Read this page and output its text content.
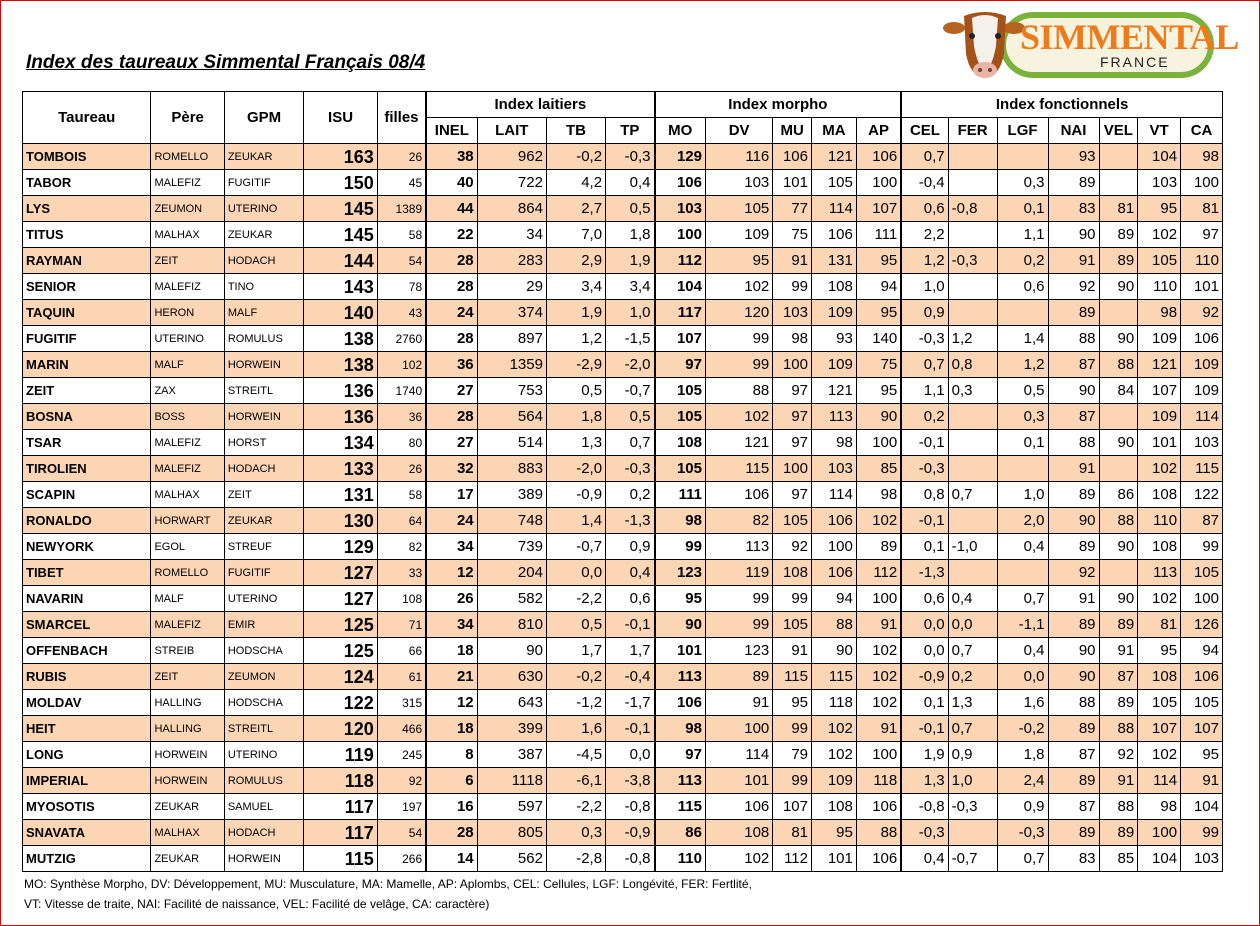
Index des taureaux Simmental Français 08/4
SIMMENTAL
FRANCE
Taureau	Père	GPM	ISU	filles	Index laitiers				Index morpho					Index fonctionnels						
					INEL	LAIT	TB	TP	MO	DV	MU	MA	AP	CEL	FER	LGF	NAI	VEL	VT	CA
TOMBOIS	ROMELLO	ZEUKAR	163	26	38	962	-0,2	-0,3	129	116	106	121	106	0,7			93		104	98
TABOR	MALEFIZ	FUGITIF	150	45	40	722	4,2	0,4	106	103	101	105	100	-0,4		0,3	89		103	100
LYS	ZEUMON	UTERINO	145	1389	44	864	2,7	0,5	103	105	77	114	107	0,6	-0,8	0,1	83	81	95	81
TITUS	MALHAX	ZEUKAR	145	58	22	34	7,0	1,8	100	109	75	106	111	2,2		1,1	90	89	102	97
RAYMAN	ZEIT	HODACH	144	54	28	283	2,9	1,9	112	95	91	131	95	1,2	-0,3	0,2	91	89	105	110
SENIOR	MALEFIZ	TINO	143	78	28	29	3,4	3,4	104	102	99	108	94	1,0		0,6	92	90	110	101
TAQUIN	HERON	MALF	140	43	24	374	1,9	1,0	117	120	103	109	95	0,9			89		98	92
FUGITIF	UTERINO	ROMULUS	138	2760	28	897	1,2	-1,5	107	99	98	93	140	-0,3	1,2	1,4	88	90	109	106
MARIN	MALF	HORWEIN	138	102	36	1359	-2,9	-2,0	97	99	100	109	75	0,7	0,8	1,2	87	88	121	109
ZEIT	ZAX	STREITL	136	1740	27	753	0,5	-0,7	105	88	97	121	95	1,1	0,3	0,5	90	84	107	109
BOSNA	BOSS	HORWEIN	136	36	28	564	1,8	0,5	105	102	97	113	90	0,2		0,3	87		109	114
TSAR	MALEFIZ	HORST	134	80	27	514	1,3	0,7	108	121	97	98	100	-0,1		0,1	88	90	101	103
TIROLIEN	MALEFIZ	HODACH	133	26	32	883	-2,0	-0,3	105	115	100	103	85	-0,3			91		102	115
SCAPIN	MALHAX	ZEIT	131	58	17	389	-0,9	0,2	111	106	97	114	98	0,8	0,7	1,0	89	86	108	122
RONALDO	HORWART	ZEUKAR	130	64	24	748	1,4	-1,3	98	82	105	106	102	-0,1		2,0	90	88	110	87
NEWYORK	EGOL	STREUF	129	82	34	739	-0,7	0,9	99	113	92	100	89	0,1	-1,0	0,4	89	90	108	99
TIBET	ROMELLO	FUGITIF	127	33	12	204	0,0	0,4	123	119	108	106	112	-1,3			92		113	105
NAVARIN	MALF	UTERINO	127	108	26	582	-2,2	0,6	95	99	99	94	100	0,6	0,4	0,7	91	90	102	100
SMARCEL	MALEFIZ	EMIR	125	71	34	810	0,5	-0,1	90	99	105	88	91	0,0	0,0	-1,1	89	89	81	126
OFFENBACH	STREIB	HODSCHA	125	66	18	90	1,7	1,7	101	123	91	90	102	0,0	0,7	0,4	90	91	95	94
RUBIS	ZEIT	ZEUMON	124	61	21	630	-0,2	-0,4	113	89	115	115	102	-0,9	0,2	0,0	90	87	108	106
MOLDAV	HALLING	HODSCHA	122	315	12	643	-1,2	-1,7	106	91	95	118	102	0,1	1,3	1,6	88	89	105	105
HEIT	HALLING	STREITL	120	466	18	399	1,6	-0,1	98	100	99	102	91	-0,1	0,7	-0,2	89	88	107	107
LONG	HORWEIN	UTERINO	119	245	8	387	-4,5	0,0	97	114	79	102	100	1,9	0,9	1,8	87	92	102	95
IMPERIAL	HORWEIN	ROMULUS	118	92	6	1118	-6,1	-3,8	113	101	99	109	118	1,3	1,0	2,4	89	91	114	91
MYOSOTIS	ZEUKAR	SAMUEL	117	197	16	597	-2,2	-0,8	115	106	107	108	106	-0,8	-0,3	0,9	87	88	98	104
SNAVATA	MALHAX	HODACH	117	54	28	805	0,3	-0,9	86	108	81	95	88	-0,3		-0,3	89	89	100	99
MUTZIG	ZEUKAR	HORWEIN	115	266	14	562	-2,8	-0,8	110	102	112	101	106	0,4	-0,7	0,7	83	85	104	103
MO: Synthèse Morpho, DV: Développement, MU: Musculature, MA: Mamelle, AP: Aplombs, CEL: Cellules, LGF: Longévité, FER: Fertlité,
VT: Vitesse de traite, NAI: Facilité de naissance, VEL: Facilité de velâge, CA: caractère)
